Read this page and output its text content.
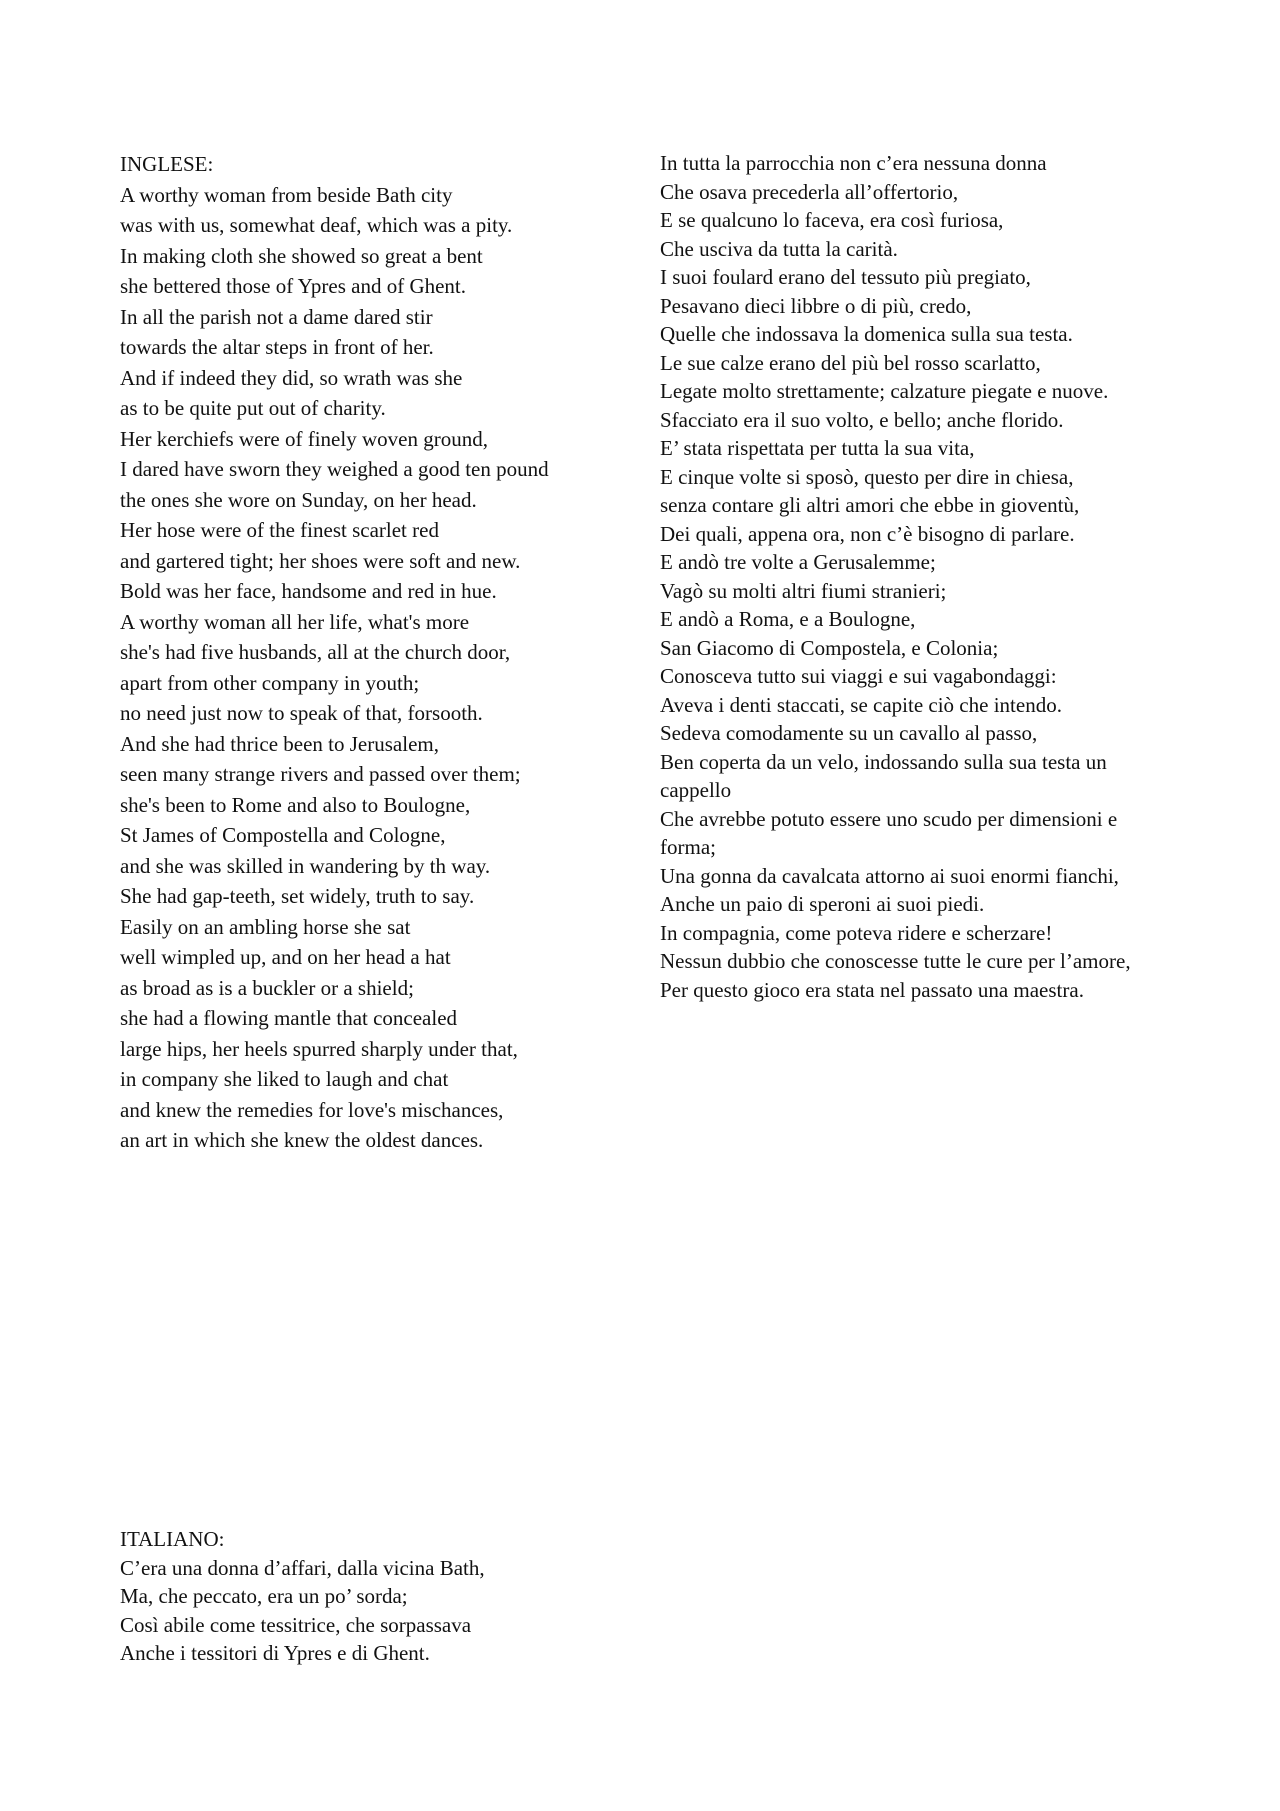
INGLESE:
A worthy woman from beside Bath city
was with us, somewhat deaf, which was a pity.
In making cloth she showed so great a bent
she bettered those of Ypres and of Ghent.
In all the parish not a dame dared stir
towards the altar steps in front of her.
And if indeed they did, so wrath was she
as to be quite put out of charity.
Her kerchiefs were of finely woven ground,
I dared have sworn they weighed a good ten pound
the ones she wore on Sunday, on her head.
Her hose were of the finest scarlet red
and gartered tight; her shoes were soft and new.
Bold was her face, handsome and red in hue.
A worthy woman all her life, what's more
she's had five husbands, all at the church door,
apart from other company in youth;
no need just now to speak of that, forsooth.
And she had thrice been to Jerusalem,
seen many strange rivers and passed over them;
she's been to Rome and also to Boulogne,
St James of Compostella and Cologne,
and she was skilled in wandering by th way.
She had gap-teeth, set widely, truth to say.
Easily on an ambling horse she sat
well wimpled up, and on her head a hat
as broad as is a buckler or a shield;
she had a flowing mantle that concealed
large hips, her heels spurred sharply under that,
in company she liked to laugh and chat
and knew the remedies for love's mischances,
an art in which she knew the oldest dances.
In tutta la parrocchia non c’era nessuna donna
Che osava precederla all’offertorio,
E se qualcuno lo faceva, era così furiosa,
Che usciva da tutta la carità.
I suoi foulard erano del tessuto più pregiato,
Pesavano dieci libbre o di più, credo,
Quelle che indossava la domenica sulla sua testa.
Le sue calze erano del più bel rosso scarlatto,
Legate molto strettamente; calzature piegate e nuove.
Sfacciato era il suo volto, e bello; anche florido.
E’ stata rispettata per tutta la sua vita,
E cinque volte si sposò, questo per dire in chiesa,
senza contare gli altri amori che ebbe in gioventù,
Dei quali, appena ora, non c’è bisogno di parlare.
E andò tre volte a Gerusalemme;
Vagò su molti altri fiumi stranieri;
E andò a Roma, e a Boulogne,
San Giacomo di Compostela, e Colonia;
Conosceva tutto sui viaggi e sui vagabondaggi:
Aveva i denti staccati, se capite ciò che intendo.
Sedeva comodamente su un cavallo al passo,
Ben coperta da un velo, indossando sulla sua testa un cappello
Che avrebbe potuto essere uno scudo per dimensioni e forma;
Una gonna da cavalcata attorno ai suoi enormi fianchi,
Anche un paio di speroni ai suoi piedi.
In compagnia, come poteva ridere e scherzare!
Nessun dubbio che conoscesse tutte le cure per l’amore,
Per questo gioco era stata nel passato una maestra.
ITALIANO:
C’era una donna d’affari, dalla vicina Bath,
Ma, che peccato, era un po’ sorda;
Così abile come tessitrice, che sorpassava
Anche i tessitori di Ypres e di Ghent.
